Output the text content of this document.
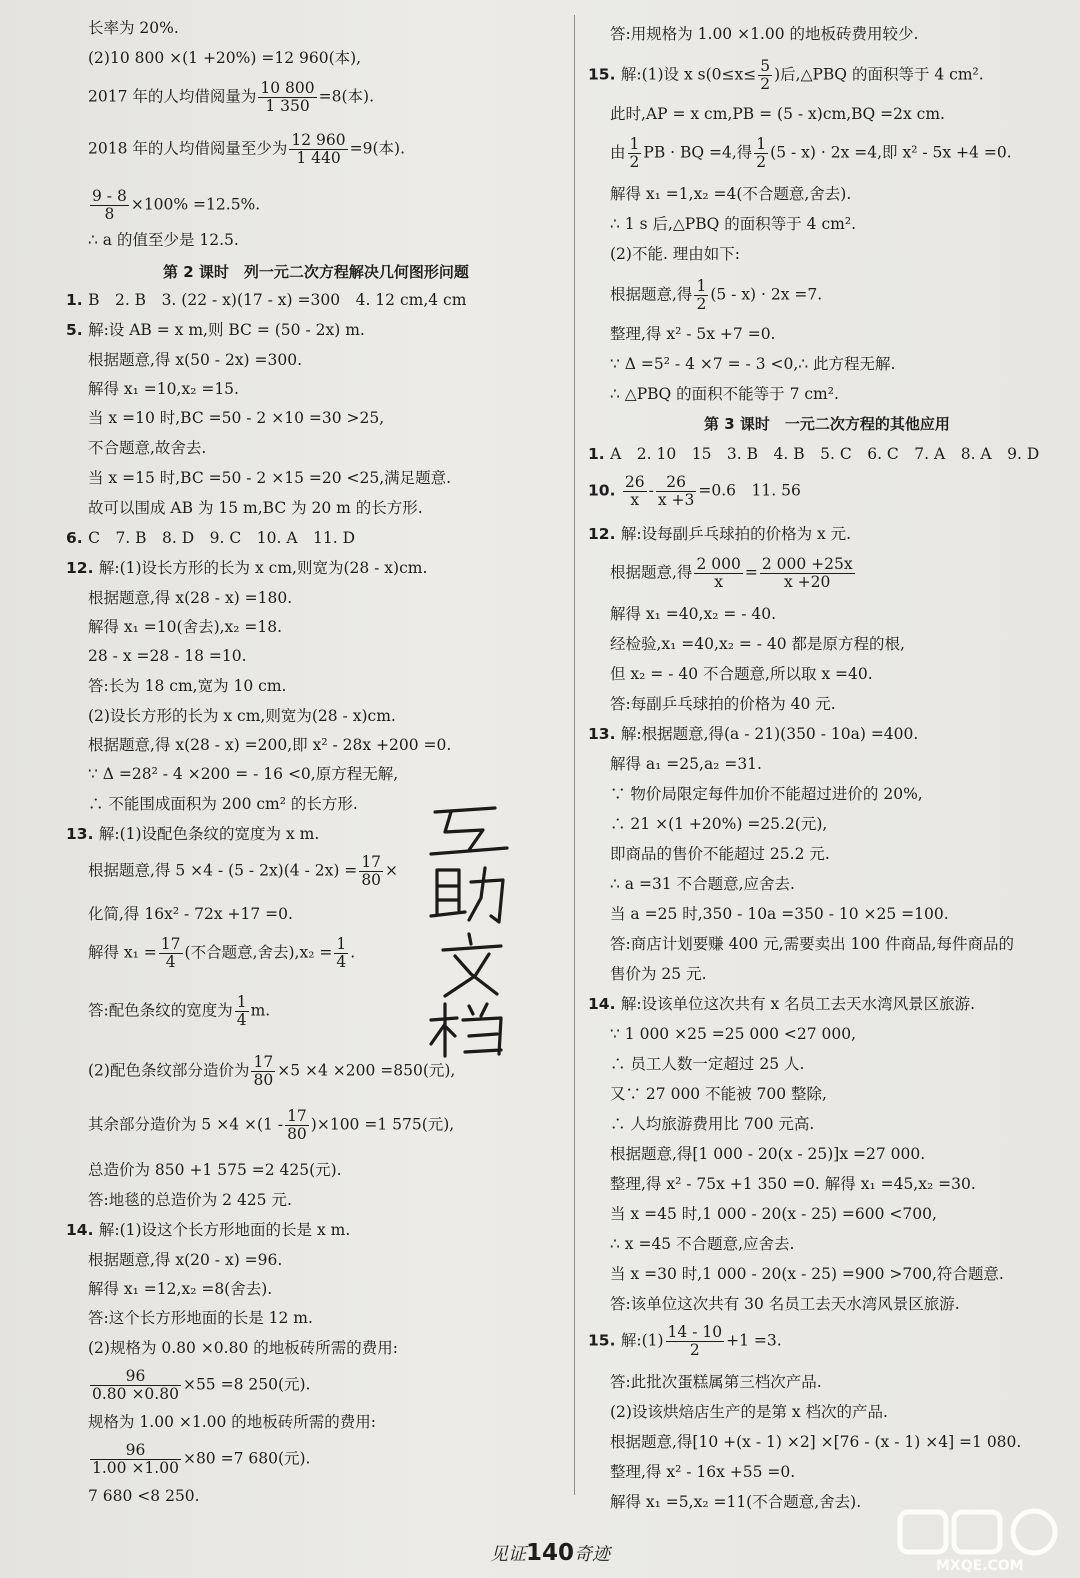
长率为 20%.
(2)10 800 ×(1 +20%) =12 960(本),
2017 年的人均借阅量为 $\frac{10 800}{1 350} =8$(本).
2018 年的人均借阅量至少为 $\frac{12 960}{1 440} =9$(本).
$\frac{9 - 8}{8} \times 100\% =12.5\%$.
∴ a 的值至少是 12.5.
第 2 课时　列一元二次方程解决几何图形问题
1. B　2. B　3. (22 - x)(17 - x) =300　4. 12 cm,4 cm
5. 解:设 AB = x m,则 BC = (50 - 2x) m.
根据题意,得 x(50 - 2x) =300.
解得 x₁ =10,x₂ =15.
当 x =10 时,BC =50 - 2 ×10 =30 >25,
不合题意,故舍去.
当 x =15 时,BC =50 - 2 ×15 =20 <25,满足题意.
故可以围成 AB 为 15 m,BC 为 20 m 的长方形.
6. C　7. B　8. D　9. C　10. A　11. D
12. 解:(1)设长方形的长为 x cm,则宽为(28 - x)cm.
根据题意,得 x(28 - x) =180.
解得 x₁ =10(舍去),x₂ =18.
28 - x =28 - 18 =10.
答:长为 18 cm,宽为 10 cm.
(2)设长方形的长为 x cm,则宽为(28 - x)cm.
根据题意,得 x(28 - x) =200,即 x² - 28x +200 =0.
∵ Δ =28² - 4 ×200 = - 16 <0,原方程无解,
∴ 不能围成面积为 200 cm² 的长方形.
13. 解:(1)设配色条纹的宽度为 x m.
根据题意,得 $5 \times 4 - (5 - 2x)(4 - 2x) = \frac{17}{80}$ ×
化简,得 16x² - 72x +17 =0.
解得 $x_1 = \frac{17}{4}$ (不合题意,舍去)$,x_2 = \frac{1}{4}$ .
答:配色条纹的宽度为 $\frac{1}{4} m$.
(2)配色条纹部分造价为 $\frac{17}{80} \times 5 \times 4 \times 200 =850$(元),
其余部分造价为 $5 \times 4 \times(1 - \frac{17}{80} )\times 100 =1$ 575(元),
总造价为 850 +1 575 =2 425(元).
答:地毯的总造价为 2 425 元.
14. 解:(1)设这个长方形地面的长是 x m.
根据题意,得 x(20 - x) =96.
解得 x₁ =12,x₂ =8(舍去).
答:这个长方形地面的长是 12 m.
(2)规格为 0.80 ×0.80 的地板砖所需的费用:
$\frac{96}{0.80 \times 0.80} \times 55 =8$ 250(元).
规格为 1.00 ×1.00 的地板砖所需的费用:
$\frac{96}{1.00 \times 1.00} \times 80 =7$ 680(元).
7 680 <8 250.
答:用规格为 1.00 ×1.00 的地板砖费用较少.
15. 解:(1)设 x $s(0\le x\le \frac{5}{2}$ )后,△PBQ 的面积等于 4 cm².
此时,AP = x cm,PB = (5 - x)cm,BQ =2x cm.
由 $\frac{1}{2}$ PB · BQ =4,得 $\frac{1}{2} (5 - x) \cdot 2x =4$,即 x² - 5x +4 =0.
解得 x₁ =1,x₂ =4(不合题意,舍去).
∴ 1 s 后,△PBQ 的面积等于 4 cm².
(2)不能. 理由如下:
根据题意,得 $\frac{1}{2} (5 - x) \cdot 2x =7$.
整理,得 x² - 5x +7 =0.
∵ Δ =5² - 4 ×7 = - 3 <0,∴ 此方程无解.
∴ △PBQ 的面积不能等于 7 cm².
第 3 课时　一元二次方程的其他应用
1. A　2. 10　15　3. B　4. B　5. C　6. C　7. A　8. A　9. D
10. $\frac{26}{x} - \frac{26}{x +3} =0.6$　11. 56
12. 解:设每副乒乓球拍的价格为 x 元.
根据题意,得 $\frac{2 000}{x} = \frac{2 000 +25x}{x +20}$
解得 x₁ =40,x₂ = - 40.
经检验,x₁ =40,x₂ = - 40 都是原方程的根,
但 x₂ = - 40 不合题意,所以取 x =40.
答:每副乒乓球拍的价格为 40 元.
13. 解:根据题意,得(a - 21)(350 - 10a) =400.
解得 a₁ =25,a₂ =31.
∵ 物价局限定每件加价不能超过进价的 20%,
∴ 21 ×(1 +20%) =25.2(元),
即商品的售价不能超过 25.2 元.
∴ a =31 不合题意,应舍去.
当 a =25 时,350 - 10a =350 - 10 ×25 =100.
答:商店计划要赚 400 元,需要卖出 100 件商品,每件商品的
售价为 25 元.
14. 解:设该单位这次共有 x 名员工去天水湾风景区旅游.
∵ 1 000 ×25 =25 000 <27 000,
∴ 员工人数一定超过 25 人.
又∵ 27 000 不能被 700 整除,
∴ 人均旅游费用比 700 元高.
根据题意,得[1 000 - 20(x - 25)]x =27 000.
整理,得 x² - 75x +1 350 =0. 解得 x₁ =45,x₂ =30.
当 x =45 时,1 000 - 20(x - 25) =600 <700,
∴ x =45 不合题意,应舍去.
当 x =30 时,1 000 - 20(x - 25) =900 >700,符合题意.
答:该单位这次共有 30 名员工去天水湾风景区旅游.
15. 解:(1) $\frac{14 - 10}{2} +1 =3$.
答:此批次蛋糕属第三档次产品.
(2)设该烘焙店生产的是第 x 档次的产品.
根据题意,得[10 +(x - 1) ×2] ×[76 - (x - 1) ×4] =1 080.
整理,得 x² - 16x +55 =0.
解得 x₁ =5,x₂ =11(不合题意,舍去).
见证140奇迹
MXQE.COM
